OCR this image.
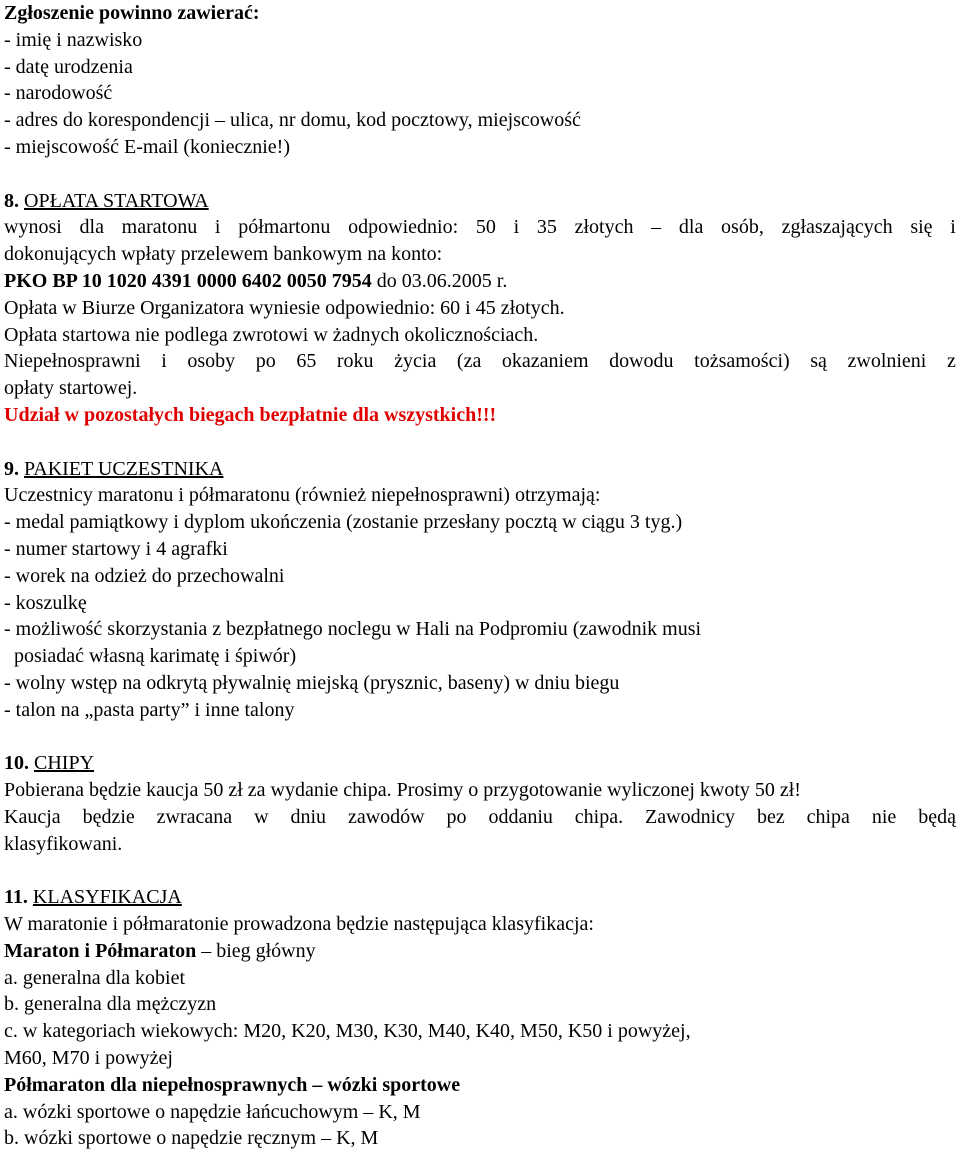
Zgłoszenie powinno zawierać:
- imię i nazwisko
- datę urodzenia
- narodowość
- adres do korespondencji – ulica, nr domu, kod pocztowy, miejscowość
- miejscowość E-mail (koniecznie!)
8. OPŁATA STARTOWA
wynosi dla maratonu i półmartonu odpowiednio: 50 i 35 złotych – dla osób, zgłaszających się i
dokonujących wpłaty przelewem bankowym na konto:
PKO BP 10 1020 4391 0000 6402 0050 7954 do 03.06.2005 r.
Opłata w Biurze Organizatora wyniesie odpowiednio: 60 i 45 złotych.
Opłata startowa nie podlega zwrotowi w żadnych okolicznościach.
Niepełnosprawni i osoby po 65 roku życia (za okazaniem dowodu tożsamości) są zwolnieni z
opłaty startowej.
Udział w pozostałych biegach bezpłatnie dla wszystkich!!!
9. PAKIET UCZESTNIKA
Uczestnicy maratonu i półmaratonu (również niepełnosprawni) otrzymają:
- medal pamiątkowy i dyplom ukończenia (zostanie przesłany pocztą w ciągu 3 tyg.)
- numer startowy i 4 agrafki
- worek na odzież do przechowalni
- koszulkę
- możliwość skorzystania z bezpłatnego noclegu w Hali na Podpromiu (zawodnik musi
posiadać własną karimatę i śpiwór)
- wolny wstęp na odkrytą pływalnię miejską (prysznic, baseny) w dniu biegu
- talon na „pasta party” i inne talony
10. CHIPY
Pobierana będzie kaucja 50 zł za wydanie chipa. Prosimy o przygotowanie wyliczonej kwoty 50 zł!
Kaucja będzie zwracana w dniu zawodów po oddaniu chipa. Zawodnicy bez chipa nie będą
klasyfikowani.
11. KLASYFIKACJA
W maratonie i półmaratonie prowadzona będzie następująca klasyfikacja:
Maraton i Półmaraton – bieg główny
a. generalna dla kobiet
b. generalna dla mężczyzn
c. w kategoriach wiekowych: M20, K20, M30, K30, M40, K40, M50, K50 i powyżej,
M60, M70 i powyżej
Półmaraton dla niepełnosprawnych – wózki sportowe
a. wózki sportowe o napędzie łańcuchowym – K, M
b. wózki sportowe o napędzie ręcznym – K, M
